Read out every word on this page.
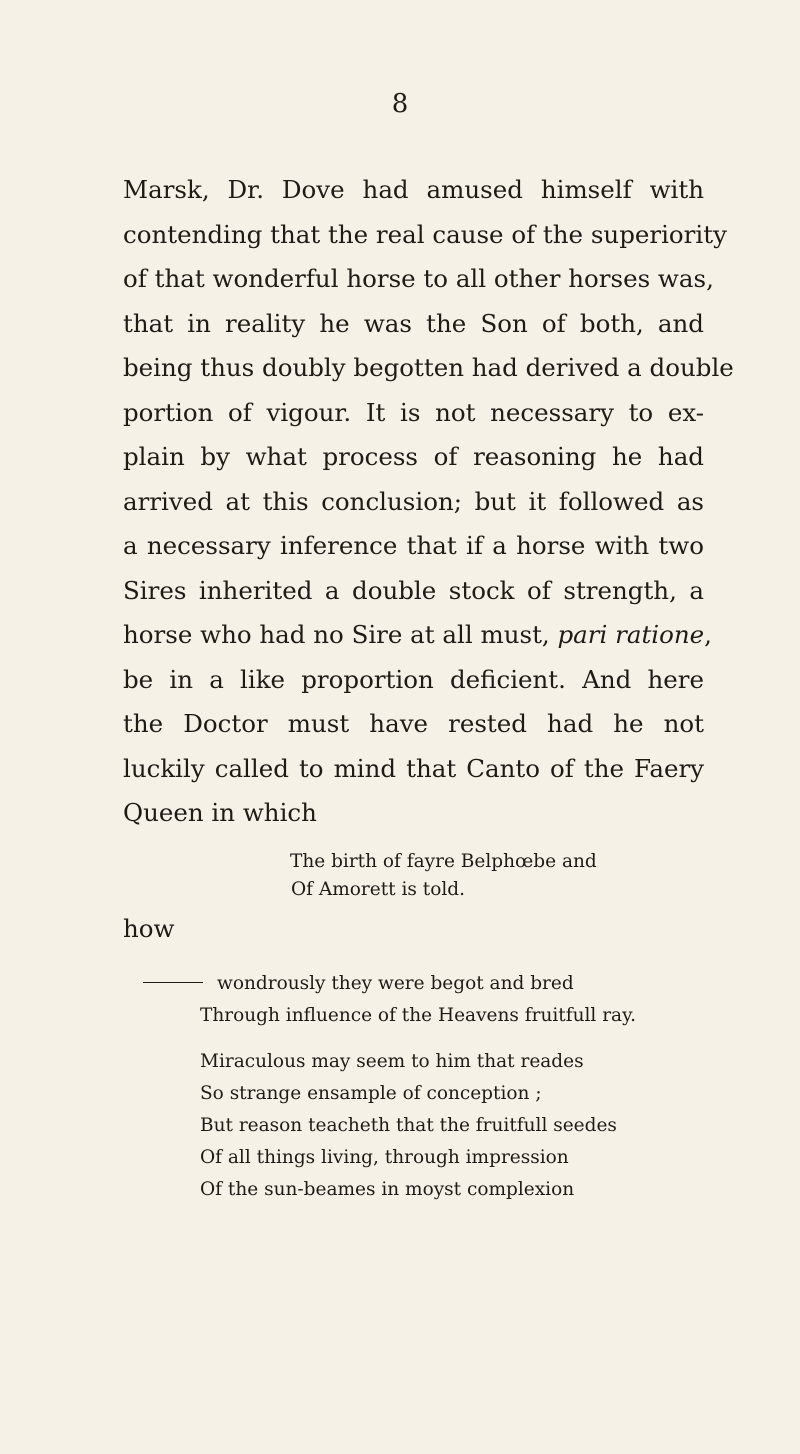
8
Marsk, Dr. Dove had amused himself with
contending that the real cause of the superiority
of that wonderful horse to all other horses was,
that in reality he was the Son of both, and
being thus doubly begotten had derived a double
portion of vigour. It is not necessary to ex-
plain by what process of reasoning he had
arrived at this conclusion; but it followed as
a necessary inference that if a horse with two
Sires inherited a double stock of strength, a
horse who had no Sire at all must, pari ratione,
be in a like proportion deficient. And here
the Doctor must have rested had he not
luckily called to mind that Canto of the Faery
Queen in which
The birth of fayre Belphœbe and
Of Amorett is told.
how
wondrously they were begot and bred
Through influence of the Heavens fruitfull ray.
Miraculous may seem to him that reades
So strange ensample of conception ;
But reason teacheth that the fruitfull seedes
Of all things living, through impression
Of the sun-beames in moyst complexion
